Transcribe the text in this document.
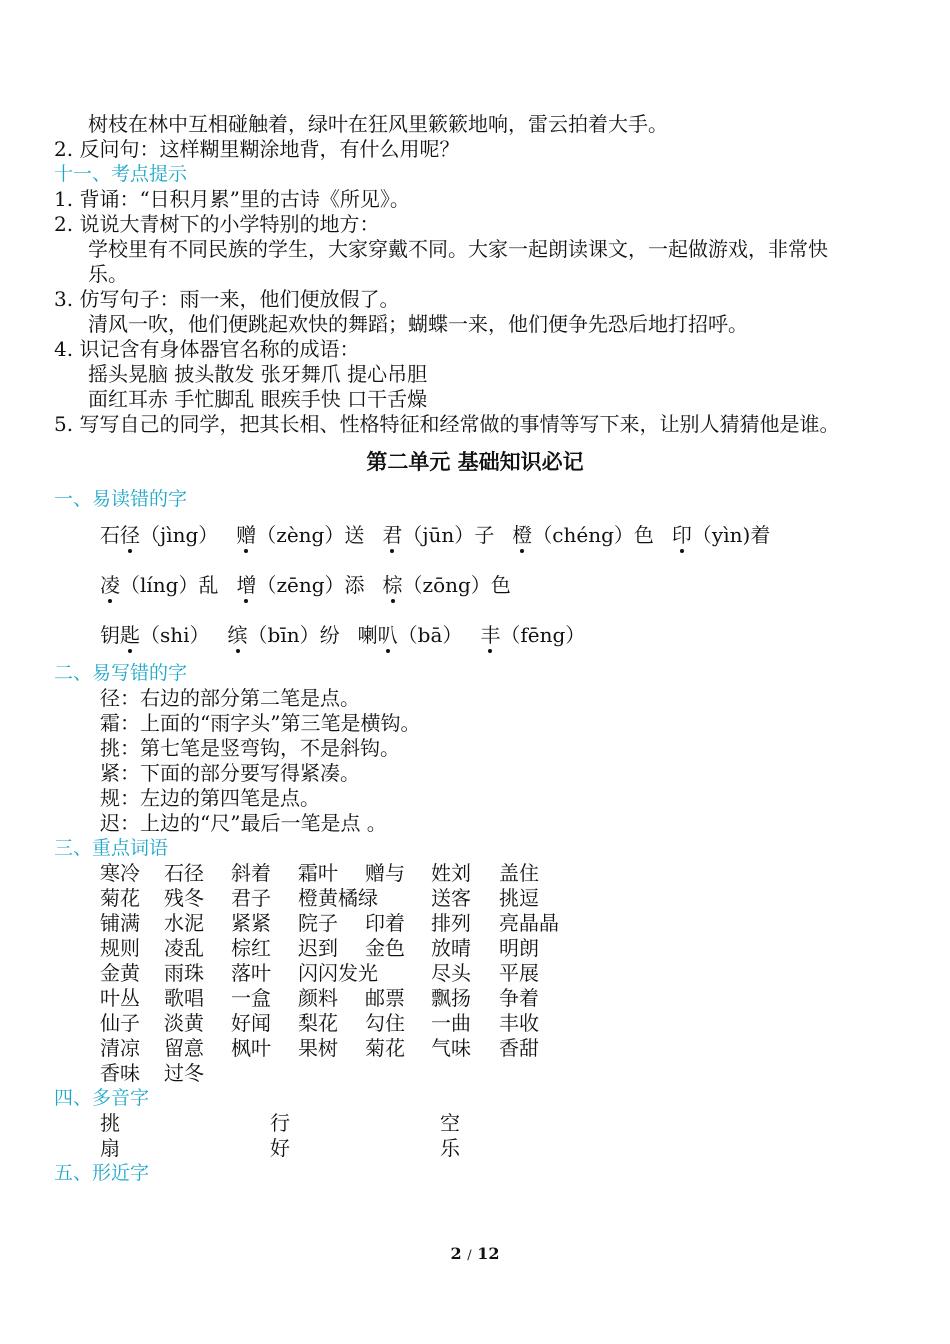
树枝在林中互相碰触着，绿叶在狂风里簌簌地响，雷云拍着大手。
2. 反问句：这样糊里糊涂地背，有什么用呢？
十一、考点提示
1. 背诵：“日积月累”里的古诗《所见》。
2. 说说大青树下的小学特别的地方：
学校里有不同民族的学生，大家穿戴不同。大家一起朗读课文，一起做游戏，非常快
乐。
3. 仿写句子：雨一来，他们便放假了。
清风一吹，他们便跳起欢快的舞蹈；蝴蝶一来，他们便争先恐后地打招呼。
4. 识记含有身体器官名称的成语：
摇头晃脑 披头散发 张牙舞爪 提心吊胆
面红耳赤 手忙脚乱 眼疾手快 口干舌燥
5. 写写自己的同学，把其长相、性格特征和经常做的事情等写下来，让别人猜猜他是谁。
第二单元 基础知识必记
一、易读错的字
石径（jìng） 赠（zèng）送 君（jūn）子 橙（chéng）色 印（yìn)着
凌（líng）乱 增（zēng）添 棕（zōng）色
钥匙（shi） 缤（bīn）纷 喇叭（bā） 丰（fēng）
二、易写错的字
径：右边的部分第二笔是点。
霜：上面的“雨字头”第三笔是横钩。
挑：第七笔是竖弯钩，不是斜钩。
紧：下面的部分要写得紧凑。
规：左边的第四笔是点。
迟：上边的“尺”最后一笔是点 。
三、重点词语
寒冷 石径 斜着 霜叶 赠与 姓刘 盖住
菊花 残冬 君子 橙黄橘绿	送客 挑逗
铺满 水泥 紧紧 院子 印着 排列 亮晶晶
规则 凌乱 棕红 迟到 金色 放晴 明朗
金黄 雨珠 落叶 闪闪发光	尽头 平展
叶丛 歌唱 一盒 颜料 邮票 飘扬 争着
仙子 淡黄 好闻 梨花 勾住 一曲 丰收
清凉 留意 枫叶 果树 菊花 气味 香甜
香味 过冬
四、多音字
挑	行	空
扇	好	乐
五、形近字
2 / 12
